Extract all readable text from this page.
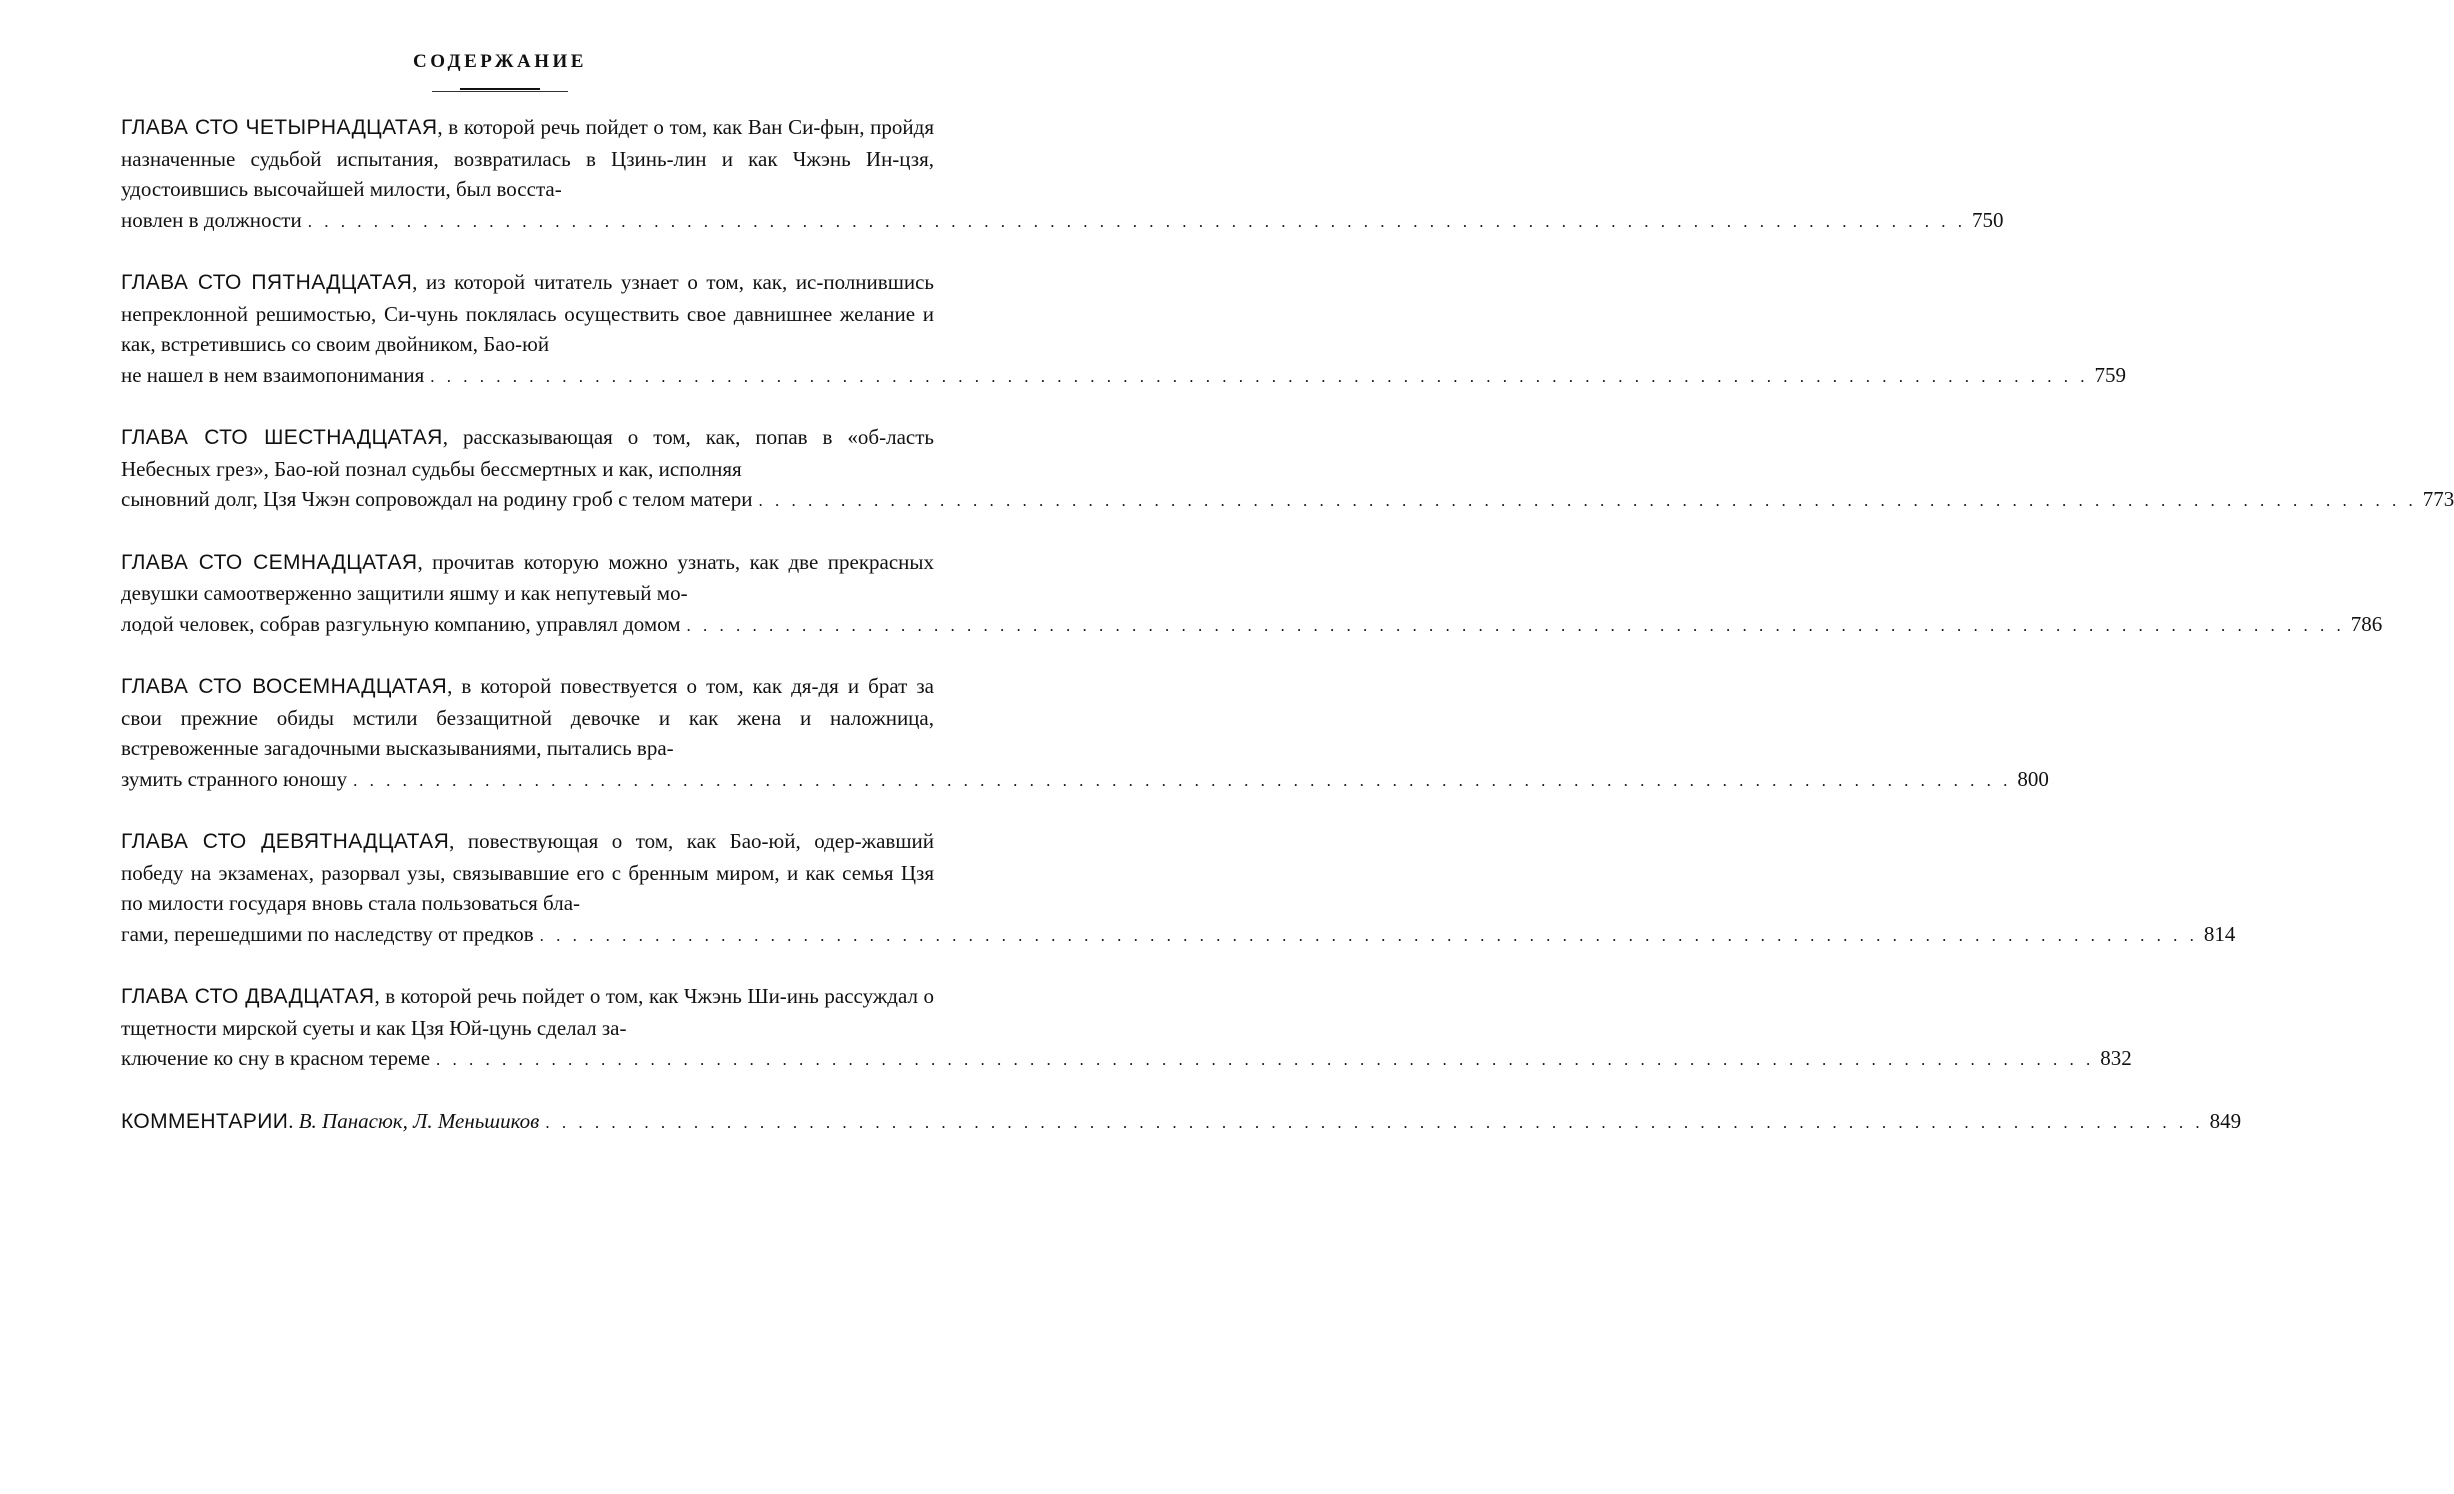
СОДЕРЖАНИЕ

ГЛАВА СТО ЧЕТЫРНАДЦАТАЯ, в которой речь пойдет о том, как Ван Си-фын, пройдя назначенные судьбой испытания, возвратилась в Цзинь-лин и как Чжэнь Ин-цзя, удостоившись высочайшей милости, был восста-

новлен в должности . . . . . . . . . . . . . . . . . . . . . . . . . . . . . . . . . . . . . . . . . . . . . . . . . . . . . . . . . . . . . . . . . . . . . . . . . . . . . . . . . . . . . . . . . . . . . . . . . . . . . 750

ГЛАВА СТО ПЯТНАДЦАТАЯ, из которой читатель узнает о том, как, ис-полнившись непреклонной решимостью, Си-чунь поклялась осуществить свое давнишнее желание и как, встретившись со своим двойником, Бао-юй

не нашел в нем взаимопонимания . . . . . . . . . . . . . . . . . . . . . . . . . . . . . . . . . . . . . . . . . . . . . . . . . . . . . . . . . . . . . . . . . . . . . . . . . . . . . . . . . . . . . . . . . . . . . . . . . . . . . 759

ГЛАВА СТО ШЕСТНАДЦАТАЯ, рассказывающая о том, как, попав в «об-ласть Небесных грез», Бао-юй познал судьбы бессмертных и как, исполняя

сыновний долг, Цзя Чжэн сопровождал на родину гроб с телом матери . . . . . . . . . . . . . . . . . . . . . . . . . . . . . . . . . . . . . . . . . . . . . . . . . . . . . . . . . . . . . . . . . . . . . . . . . . . . . . . . . . . . . . . . . . . . . . . . . . . . . 773

ГЛАВА СТО СЕМНАДЦАТАЯ, прочитав которую можно узнать, как две прекрасных девушки самоотверженно защитили яшму и как непутевый мо-

лодой человек, собрав разгульную компанию, управлял домом . . . . . . . . . . . . . . . . . . . . . . . . . . . . . . . . . . . . . . . . . . . . . . . . . . . . . . . . . . . . . . . . . . . . . . . . . . . . . . . . . . . . . . . . . . . . . . . . . . . . . 786

ГЛАВА СТО ВОСЕМНАДЦАТАЯ, в которой повествуется о том, как дя-дя и брат за свои прежние обиды мстили беззащитной девочке и как жена и наложница, встревоженные загадочными высказываниями, пытались вра-

зумить странного юношу . . . . . . . . . . . . . . . . . . . . . . . . . . . . . . . . . . . . . . . . . . . . . . . . . . . . . . . . . . . . . . . . . . . . . . . . . . . . . . . . . . . . . . . . . . . . . . . . . . . . . 800

ГЛАВА СТО ДЕВЯТНАДЦАТАЯ, повествующая о том, как Бао-юй, одер-жавший победу на экзаменах, разорвал узы, связывавшие его с бренным миром, и как семья Цзя по милости государя вновь стала пользоваться бла-

гами, перешедшими по наследству от предков . . . . . . . . . . . . . . . . . . . . . . . . . . . . . . . . . . . . . . . . . . . . . . . . . . . . . . . . . . . . . . . . . . . . . . . . . . . . . . . . . . . . . . . . . . . . . . . . . . . . . 814

ГЛАВА СТО ДВАДЦАТАЯ, в которой речь пойдет о том, как Чжэнь Ши-инь рассуждал о тщетности мирской суеты и как Цзя Юй-цунь сделал за-

ключение ко сну в красном тереме . . . . . . . . . . . . . . . . . . . . . . . . . . . . . . . . . . . . . . . . . . . . . . . . . . . . . . . . . . . . . . . . . . . . . . . . . . . . . . . . . . . . . . . . . . . . . . . . . . . . . 832
КОММЕНТАРИИ. В. Панасюк, Л. Меньшиков . . . . . . . . . . . . . . . . . . . . . . . . . . . . . . . . . . . . . . . . . . . . . . . . . . . . . . . . . . . . . . . . . . . . . . . . . . . . . . . . . . . . . . . . . . . . . . . . . . . . . 849
